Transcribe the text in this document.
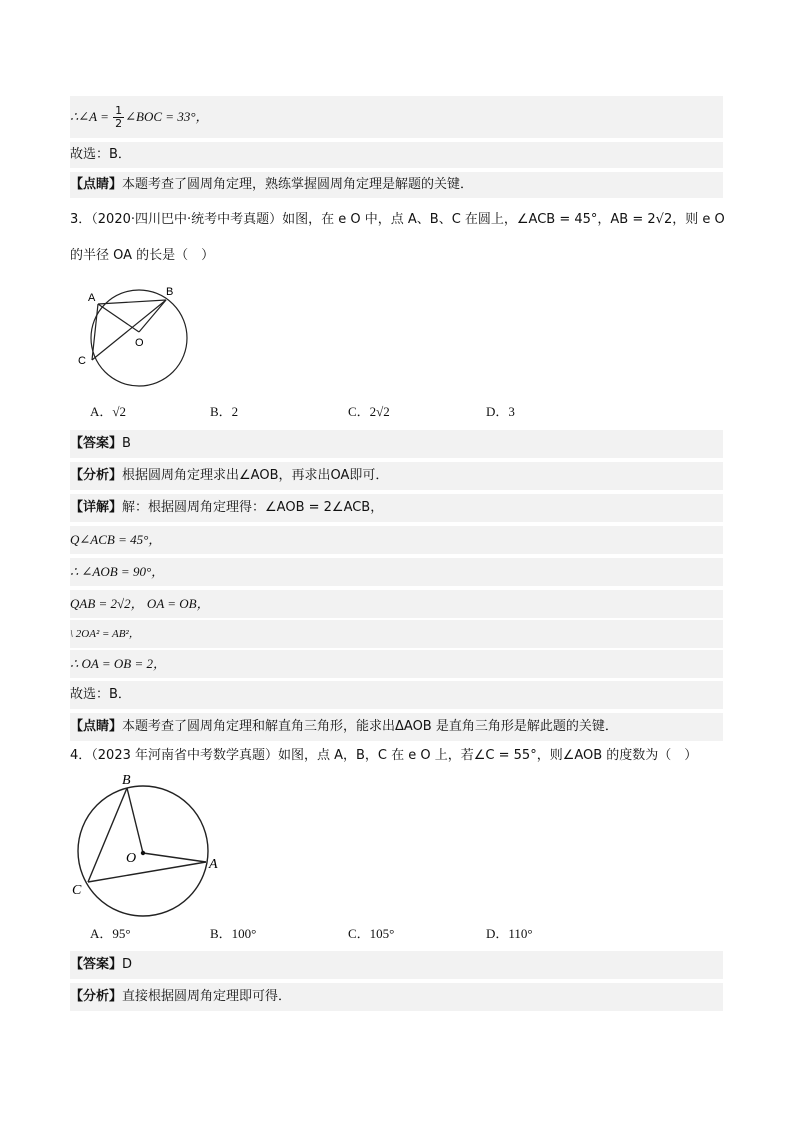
∴∠A = $\frac{1}{2}$ ∠BOC = 33°，
故选：B．
【点睛】本题考查了圆周角定理，熟练掌握圆周角定理是解题的关键．
3．（2020·四川巴中·统考中考真题）如图，在 e O 中，点 A、B、C 在圆上，∠ACB = 45°，AB = 2√2，则 e O
的半径 OA 的长是（　）
A	B
C
O
A．√2	B．2	C．2√2	D．3
【答案】B
【分析】根据圆周角定理求出∠AOB，再求出OA即可．
【详解】解：根据圆周角定理得：∠AOB = 2∠ACB，
Q∠ACB = 45°，
∴ ∠AOB = 90°，
QAB = 2√2， OA = OB，
\ 2OA² = AB²，
∴ OA = OB = 2，
故选：B．
【点睛】本题考查了圆周角定理和解直角三角形，能求出ΔAOB 是直角三角形是解此题的关键．
4．（2023 年河南省中考数学真题）如图，点 A，B，C 在 e O 上，若∠C = 55°，则∠AOB 的度数为（　）
B
O	A
C
A．95°	B．100°	C．105°	D．110°
【答案】D
【分析】直接根据圆周角定理即可得．
